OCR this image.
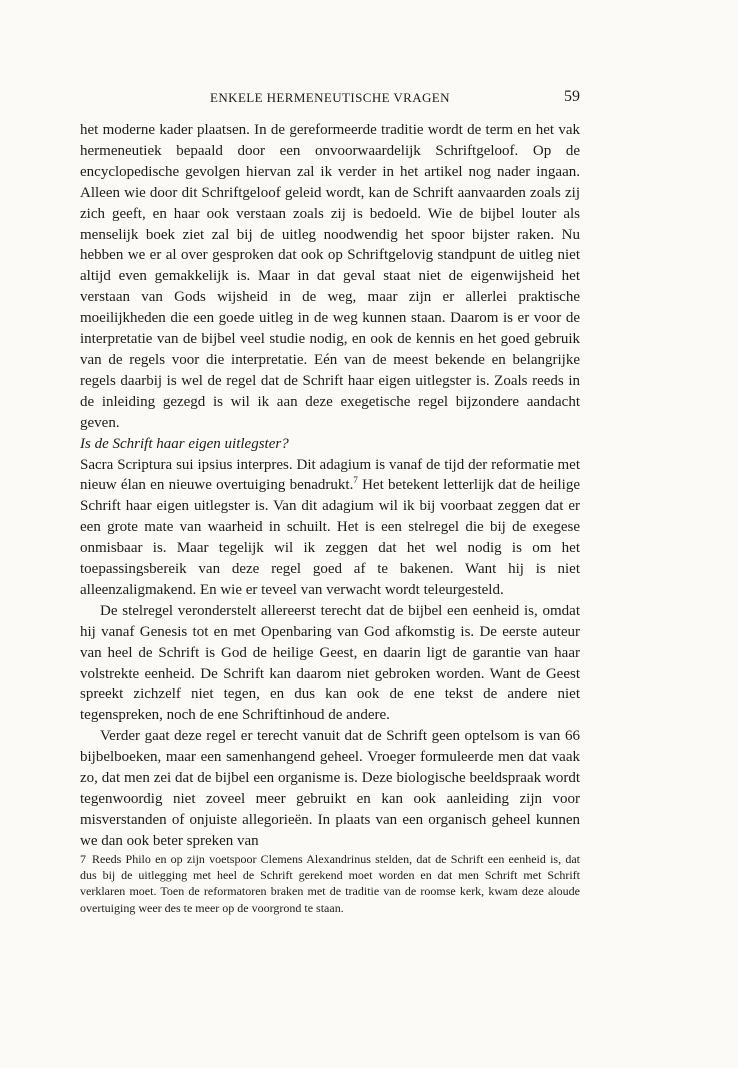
ENKELE HERMENEUTISCHE VRAGEN	59

het moderne kader plaatsen. In de gereformeerde traditie wordt de term en het vak hermeneutiek bepaald door een onvoorwaardelijk Schriftgeloof. Op de encyclopedische gevolgen hiervan zal ik verder in het artikel nog nader ingaan. Alleen wie door dit Schriftgeloof geleid wordt, kan de Schrift aanvaarden zoals zij zich geeft, en haar ook verstaan zoals zij is bedoeld. Wie de bijbel louter als menselijk boek ziet zal bij de uitleg noodwendig het spoor bijster raken. Nu hebben we er al over gesproken dat ook op Schriftgelovig standpunt de uitleg niet altijd even gemakkelijk is. Maar in dat geval staat niet de eigenwijsheid het verstaan van Gods wijsheid in de weg, maar zijn er allerlei praktische moeilijkheden die een goede uitleg in de weg kunnen staan. Daarom is er voor de interpretatie van de bijbel veel studie nodig, en ook de kennis en het goed gebruik van de regels voor die interpretatie. Eén van de meest bekende en belangrijke regels daarbij is wel de regel dat de Schrift haar eigen uitlegster is. Zoals reeds in de inleiding gezegd is wil ik aan deze exegetische regel bijzondere aandacht geven.

Is de Schrift haar eigen uitlegster?

Sacra Scriptura sui ipsius interpres. Dit adagium is vanaf de tijd der reformatie met nieuw élan en nieuwe overtuiging benadrukt.$^7$ Het betekent letterlijk dat de heilige Schrift haar eigen uitlegster is. Van dit adagium wil ik bij voorbaat zeggen dat er een grote mate van waarheid in schuilt. Het is een stelregel die bij de exegese onmisbaar is. Maar tegelijk wil ik zeggen dat het wel nodig is om het toepassingsbereik van deze regel goed af te bakenen. Want hij is niet alleenzaligmakend. En wie er teveel van verwacht wordt teleurgesteld.

De stelregel veronderstelt allereerst terecht dat de bijbel een eenheid is, omdat hij vanaf Genesis tot en met Openbaring van God afkomstig is. De eerste auteur van heel de Schrift is God de heilige Geest, en daarin ligt de garantie van haar volstrekte eenheid. De Schrift kan daarom niet gebroken worden. Want de Geest spreekt zichzelf niet tegen, en dus kan ook de ene tekst de andere niet tegenspreken, noch de ene Schriftinhoud de andere.

Verder gaat deze regel er terecht vanuit dat de Schrift geen optelsom is van 66 bijbelboeken, maar een samenhangend geheel. Vroeger formuleerde men dat vaak zo, dat men zei dat de bijbel een organisme is. Deze biologische beeldspraak wordt tegenwoordig niet zoveel meer gebruikt en kan ook aanleiding zijn voor misverstanden of onjuiste allegorieën. In plaats van een organisch geheel kunnen we dan ook beter spreken van

7 Reeds Philo en op zijn voetspoor Clemens Alexandrinus stelden, dat de Schrift een eenheid is, dat dus bij de uitlegging met heel de Schrift gerekend moet worden en dat men Schrift met Schrift verklaren moet. Toen de reformatoren braken met de traditie van de roomse kerk, kwam deze aloude overtuiging weer des te meer op de voorgrond te staan.
